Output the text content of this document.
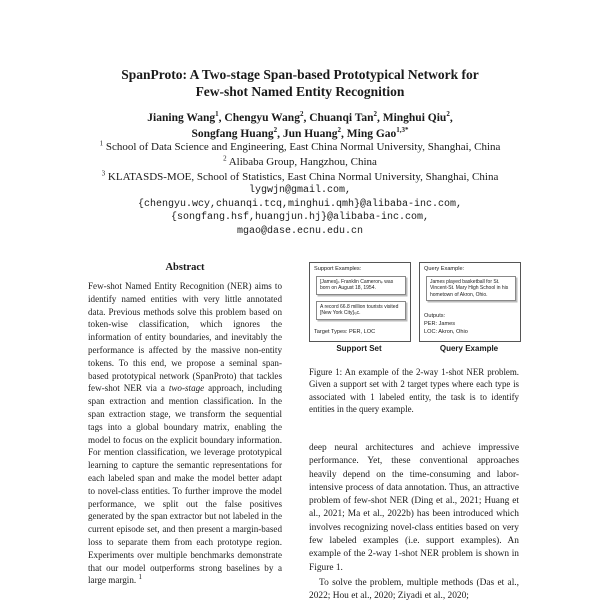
SpanProto: A Two-stage Span-based Prototypical Network for
Few-shot Named Entity Recognition
Jianing Wang$^1$, Chengyu Wang$^2$, Chuanqi Tan$^2$, Minghui Qiu$^2$,
Songfang Huang$^2$, Jun Huang$^2$, Ming Gao$^{1,3*}$
$^1$ School of Data Science and Engineering, East China Normal University, Shanghai, China
$^2$ Alibaba Group, Hangzhou, China
$^3$ KLATASDS-MOE, School of Statistics, East China Normal University, Shanghai, China
lygwjn@gmail.com,
{chengyu.wcy,chuanqi.tcq,minghui.qmh}@alibaba-inc.com,
{songfang.hsf,huangjun.hj}@alibaba-inc.com,
mgao@dase.ecnu.edu.cn
Abstract
Few-shot Named Entity Recognition (NER) aims to identify named entities with very little annotated data. Previous methods solve this problem based on token-wise classification, which ignores the information of entity boundaries, and inevitably the performance is affected by the massive non-entity tokens. To this end, we propose a seminal span-based prototypical network (SpanProto) that tackles few-shot NER via a two-stage approach, including span extraction and mention classification. In the span extraction stage, we transform the sequential tags into a global boundary matrix, enabling the model to focus on the explicit boundary information. For mention classification, we leverage prototypical learning to capture the semantic representations for each labeled span and make the model better adapt to novel-class entities. To further improve the model performance, we split out the false positives generated by the span extractor but not labeled in the current episode set, and then present a margin-based loss to separate them from each prototype region. Experiments over multiple benchmarks demonstrate that our model outperforms strong baselines by a large margin. $^1$
Support Examples:
[James]ₚ Franklin Cameronₚ was born on August 18, 1954.
A record 66.8 million tourists visited [New York City]ₗₒc.
Target Types: PER, LOC
Query Example:
James played basketball for St. Vincent-St. Mary High School in his hometown of Akron, Ohio.
Outputs:
PER: James
LOC: Akron, Ohio
Support Set	Query Example
Figure 1: An example of the 2-way 1-shot NER problem. Given a support set with 2 target types where each type is associated with 1 labeled entity, the task is to identify entities in the query example.

deep neural architectures and achieve impressive performance. Yet, these conventional approaches heavily depend on the time-consuming and labor-intensive process of data annotation. Thus, an attractive problem of few-shot NER (Ding et al., 2021; Huang et al., 2021; Ma et al., 2022b) has been introduced which involves recognizing novel-class entities based on very few labeled examples (i.e. support examples). An example of the 2-way 1-shot NER problem is shown in Figure 1.

To solve the problem, multiple methods (Das et al., 2022; Hou et al., 2020; Ziyadi et al., 2020;
